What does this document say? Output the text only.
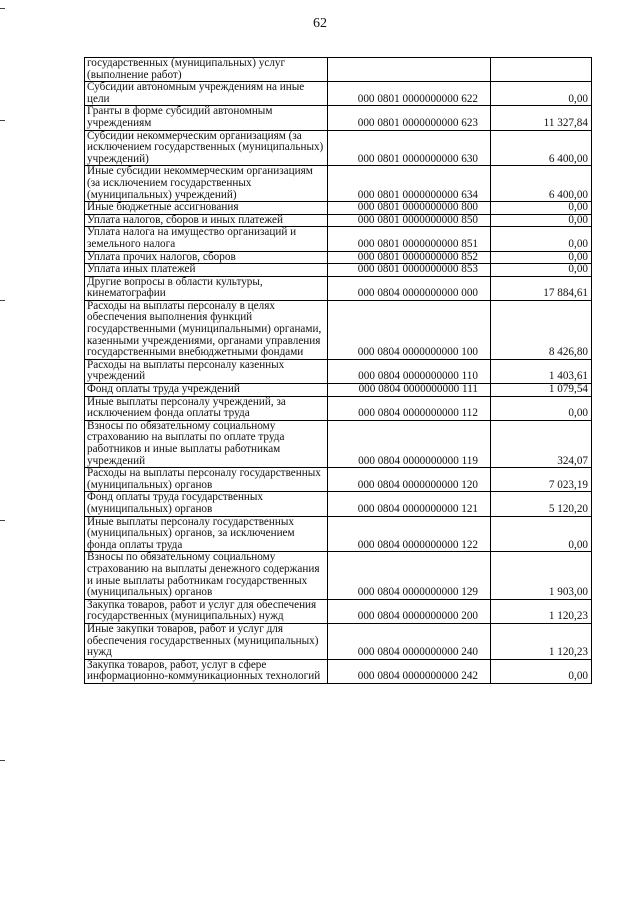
62
государственных (муниципальных) услуг (выполнение работ)		
Субсидии автономным учреждениям на иные цели	000 0801 0000000000 622	0,00
Гранты в форме субсидий автономным учреждениям	000 0801 0000000000 623	11 327,84
Субсидии некоммерческим организациям (за исключением государственных (муниципальных) учреждений)	000 0801 0000000000 630	6 400,00
Иные субсидии некоммерческим организациям (за исключением государственных (муниципальных) учреждений)	000 0801 0000000000 634	6 400,00
Иные бюджетные ассигнования	000 0801 0000000000 800	0,00
Уплата налогов, сборов и иных платежей	000 0801 0000000000 850	0,00
Уплата налога на имущество организаций и земельного налога	000 0801 0000000000 851	0,00
Уплата прочих налогов, сборов	000 0801 0000000000 852	0,00
Уплата иных платежей	000 0801 0000000000 853	0,00
Другие вопросы в области культуры, кинематографии	000 0804 0000000000 000	17 884,61
Расходы на выплаты персоналу в целях обеспечения выполнения функций государственными (муниципальными) органами, казенными учреждениями, органами управления государственными внебюджетными фондами	000 0804 0000000000 100	8 426,80
Расходы на выплаты персоналу казенных учреждений	000 0804 0000000000 110	1 403,61
Фонд оплаты труда учреждений	000 0804 0000000000 111	1 079,54
Иные выплаты персоналу учреждений, за исключением фонда оплаты труда	000 0804 0000000000 112	0,00
Взносы по обязательному социальному страхованию на выплаты по оплате труда работников и иные выплаты работникам учреждений	000 0804 0000000000 119	324,07
Расходы на выплаты персоналу государственных (муниципальных) органов	000 0804 0000000000 120	7 023,19
Фонд оплаты труда государственных (муниципальных) органов	000 0804 0000000000 121	5 120,20
Иные выплаты персоналу государственных (муниципальных) органов, за исключением фонда оплаты труда	000 0804 0000000000 122	0,00
Взносы по обязательному социальному страхованию на выплаты денежного содержания и иные выплаты работникам государственных (муниципальных) органов	000 0804 0000000000 129	1 903,00
Закупка товаров, работ и услуг для обеспечения государственных (муниципальных) нужд	000 0804 0000000000 200	1 120,23
Иные закупки товаров, работ и услуг для обеспечения государственных (муниципальных) нужд	000 0804 0000000000 240	1 120,23
Закупка товаров, работ, услуг в сфере информационно-коммуникационных технологий	000 0804 0000000000 242	0,00
